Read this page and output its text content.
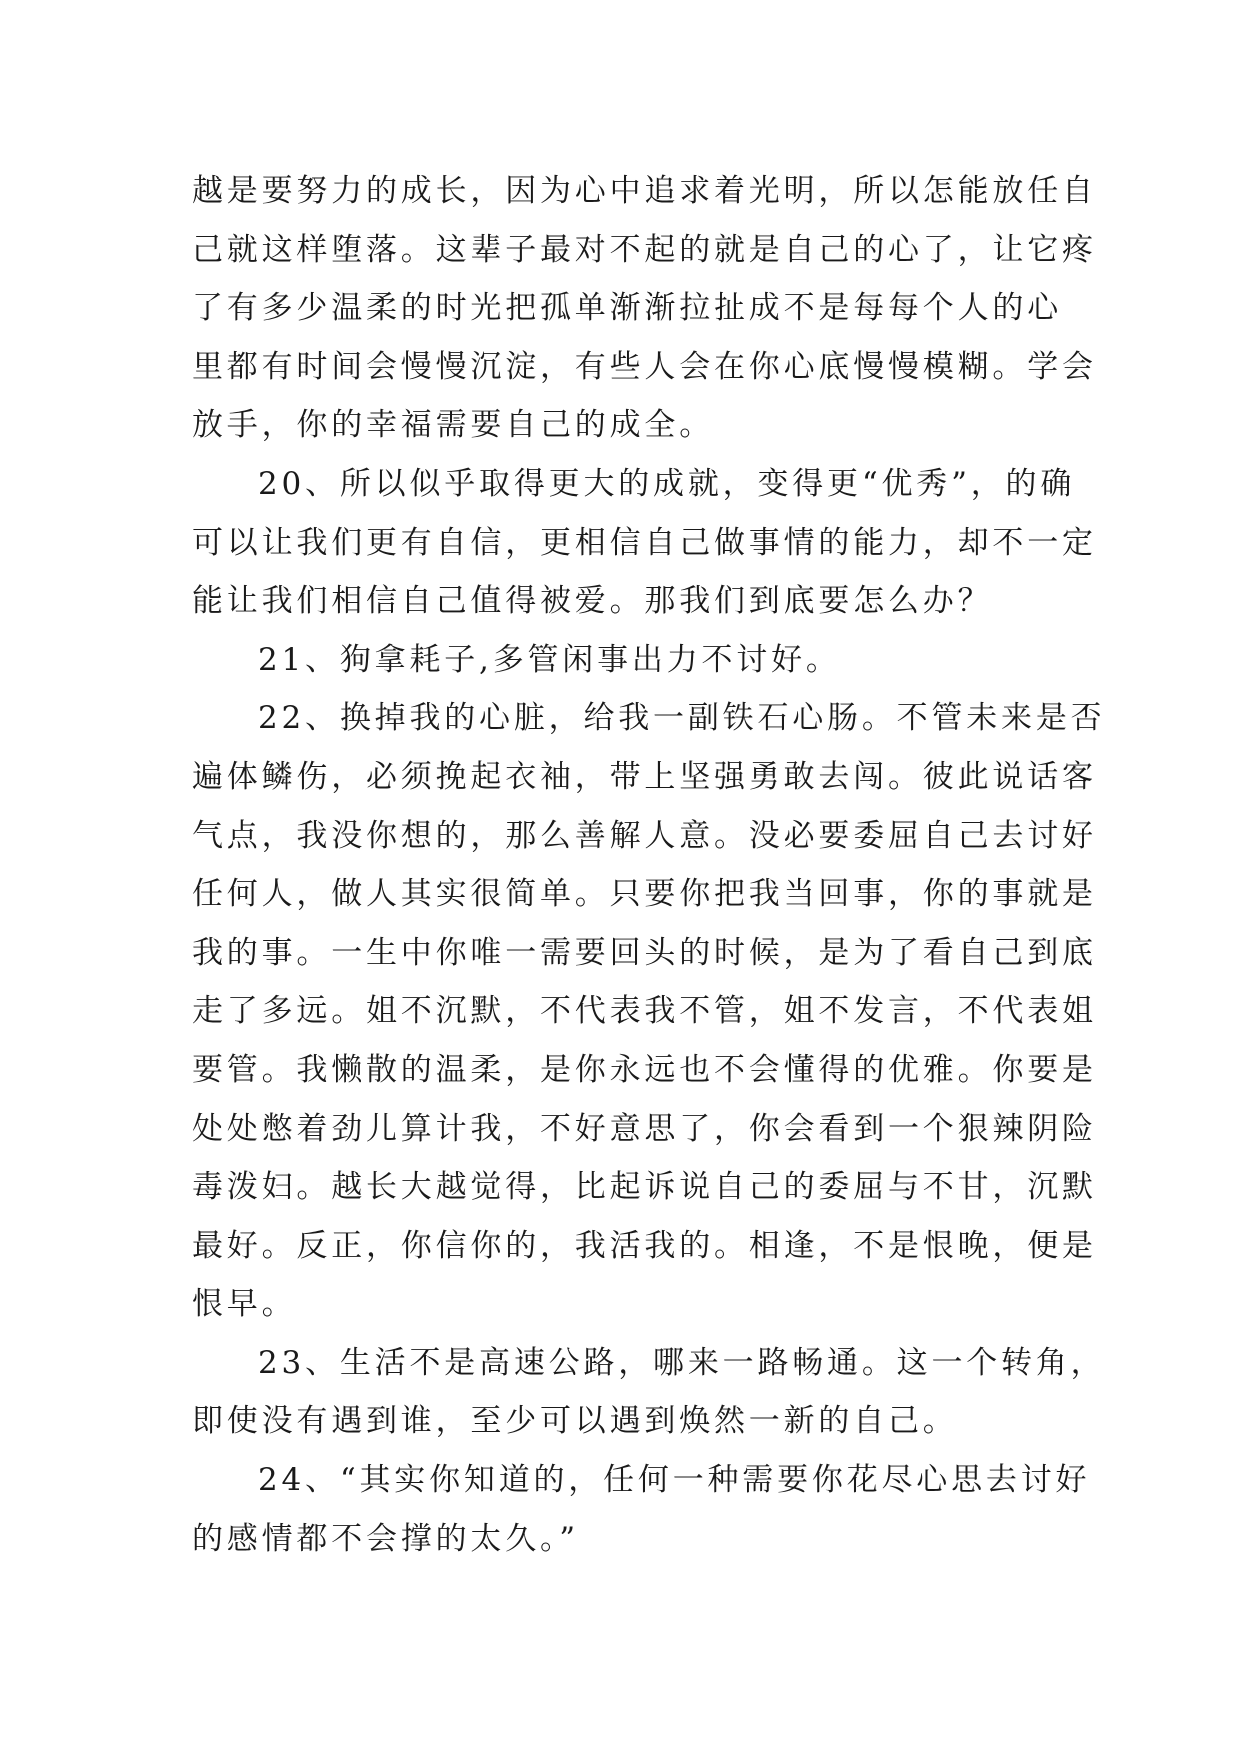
越是要努力的成长，因为心中追求着光明，所以怎能放任自
己就这样堕落。这辈子最对不起的就是自己的心了，让它疼
了有多少温柔的时光把孤单渐渐拉扯成不是每每个人的心
里都有时间会慢慢沉淀，有些人会在你心底慢慢模糊。学会
放手，你的幸福需要自己的成全。
20、所以似乎取得更大的成就，变得更“优秀”，的确
可以让我们更有自信，更相信自己做事情的能力，却不一定
能让我们相信自己值得被爱。那我们到底要怎么办？
21、狗拿耗子,多管闲事出力不讨好。
22、换掉我的心脏，给我一副铁石心肠。不管未来是否
遍体鳞伤，必须挽起衣袖，带上坚强勇敢去闯。彼此说话客
气点，我没你想的，那么善解人意。没必要委屈自己去讨好
任何人，做人其实很简单。只要你把我当回事，你的事就是
我的事。一生中你唯一需要回头的时候，是为了看自己到底
走了多远。姐不沉默，不代表我不管，姐不发言，不代表姐
要管。我懒散的温柔，是你永远也不会懂得的优雅。你要是
处处憋着劲儿算计我，不好意思了，你会看到一个狠辣阴险
毒泼妇。越长大越觉得，比起诉说自己的委屈与不甘，沉默
最好。反正，你信你的，我活我的。相逢，不是恨晚，便是
恨早。
23、生活不是高速公路，哪来一路畅通。这一个转角，
即使没有遇到谁，至少可以遇到焕然一新的自己。
24、“其实你知道的，任何一种需要你花尽心思去讨好
的感情都不会撑的太久。”
